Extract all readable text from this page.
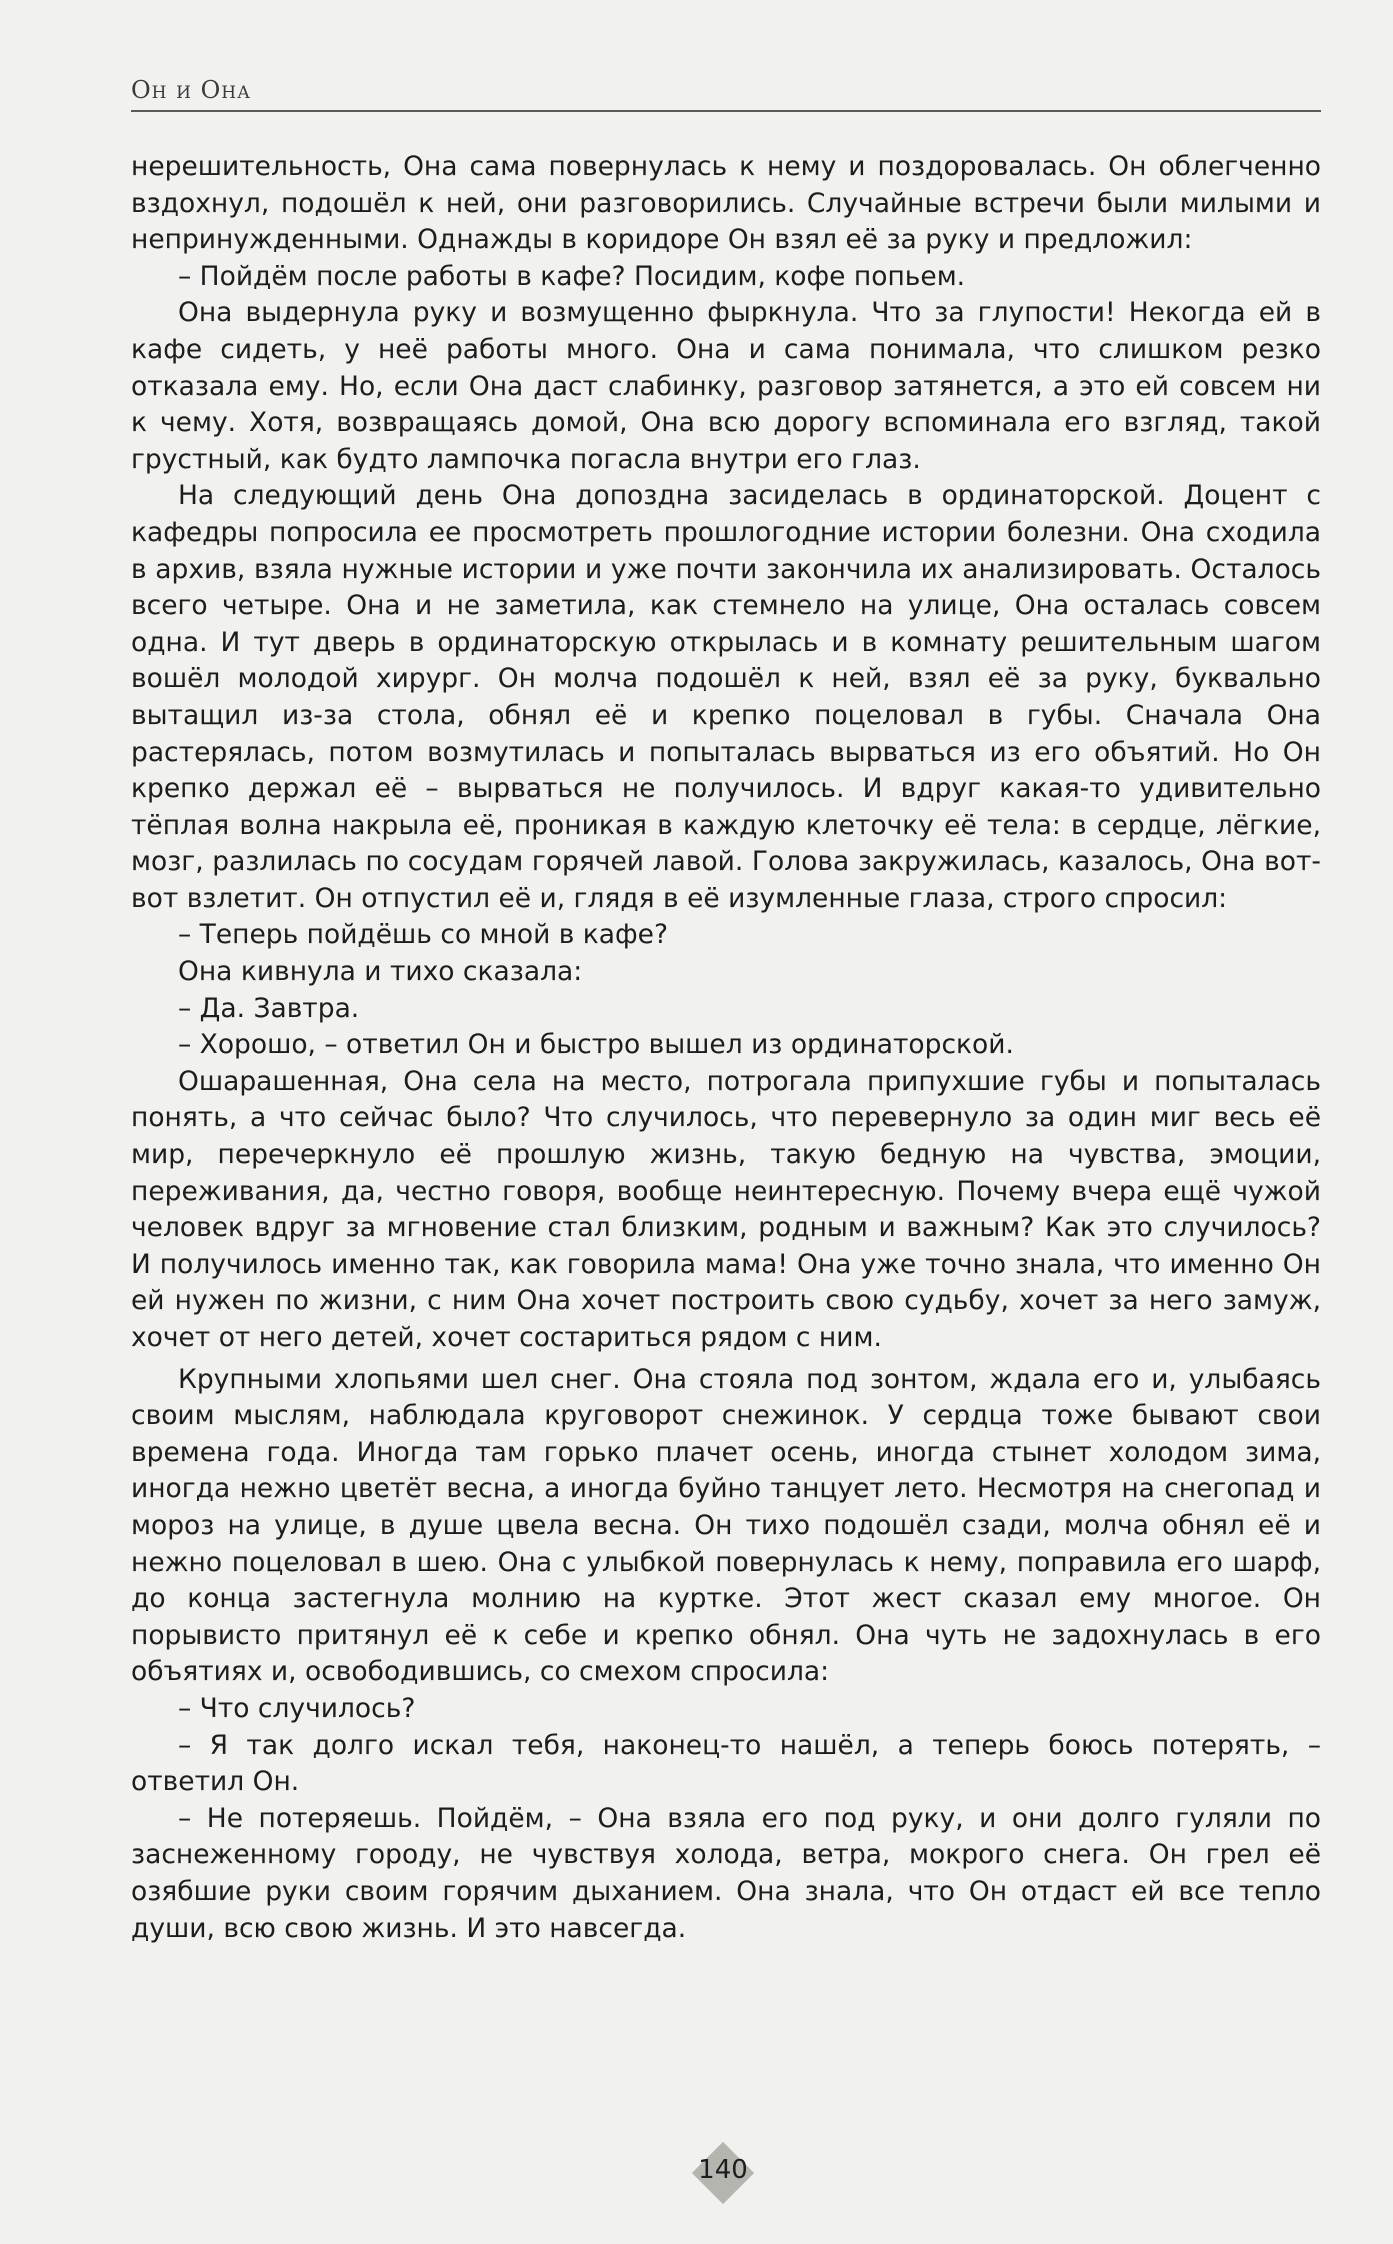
Он и Она

нерешительность, Она сама повернулась к нему и поздоровалась. Он облегченно вздохнул, подошёл к ней, они разговорились. Случайные встречи были милыми и непринужденными. Однажды в коридоре Он взял её за руку и предложил:

– Пойдём после работы в кафе? Посидим, кофе попьем.

Она выдернула руку и возмущенно фыркнула. Что за глупости! Некогда ей в кафе сидеть, у неё работы много. Она и сама понимала, что слишком резко отказала ему. Но, если Она даст слабинку, разговор затянется, а это ей совсем ни к чему. Хотя, возвращаясь домой, Она всю дорогу вспоминала его взгляд, такой грустный, как будто лампочка погасла внутри его глаз.

На следующий день Она допоздна засиделась в ординаторской. Доцент с кафедры попросила ее просмотреть прошлогодние истории болезни. Она сходила в архив, взяла нужные истории и уже почти закончила их анализировать. Осталось всего четыре. Она и не заметила, как стемнело на улице, Она осталась совсем одна. И тут дверь в ординаторскую открылась и в комнату решительным шагом вошёл молодой хирург. Он молча подошёл к ней, взял её за руку, буквально вытащил из-за стола, обнял её и крепко поцеловал в губы. Сначала Она растерялась, потом возмутилась и попыталась вырваться из его объятий. Но Он крепко держал её – вырваться не получилось. И вдруг какая-то удивительно тёплая волна накрыла её, проникая в каждую клеточку её тела: в сердце, лёгкие, мозг, разлилась по сосудам горячей лавой. Голова закружилась, казалось, Она вот-вот взлетит. Он отпустил её и, глядя в её изумленные глаза, строго спросил:

– Теперь пойдёшь со мной в кафе?

Она кивнула и тихо сказала:

– Да. Завтра.

– Хорошо, – ответил Он и быстро вышел из ординаторской.

Ошарашенная, Она села на место, потрогала припухшие губы и попыталась понять, а что сейчас было? Что случилось, что перевернуло за один миг весь её мир, перечеркнуло её прошлую жизнь, такую бедную на чувства, эмоции, переживания, да, честно говоря, вообще неинтересную. Почему вчера ещё чужой человек вдруг за мгновение стал близким, родным и важным? Как это случилось? И получилось именно так, как говорила мама! Она уже точно знала, что именно Он ей нужен по жизни, с ним Она хочет построить свою судьбу, хочет за него замуж, хочет от него детей, хочет состариться рядом с ним.

Крупными хлопьями шел снег. Она стояла под зонтом, ждала его и, улыбаясь своим мыслям, наблюдала круговорот снежинок. У сердца тоже бывают свои времена года. Иногда там горько плачет осень, иногда стынет холодом зима, иногда нежно цветёт весна, а иногда буйно танцует лето. Несмотря на снегопад и мороз на улице, в душе цвела весна. Он тихо подошёл сзади, молча обнял её и нежно поцеловал в шею. Она с улыбкой повернулась к нему, поправила его шарф, до конца застегнула молнию на куртке. Этот жест сказал ему многое. Он порывисто притянул её к себе и крепко обнял. Она чуть не задохнулась в его объятиях и, освободившись, со смехом спросила:

– Что случилось?

– Я так долго искал тебя, наконец-то нашёл, а теперь боюсь потерять, – ответил Он.

– Не потеряешь. Пойдём, – Она взяла его под руку, и они долго гуляли по заснеженному городу, не чувствуя холода, ветра, мокрого снега. Он грел её озябшие руки своим горячим дыханием. Она знала, что Он отдаст ей все тепло души, всю свою жизнь. И это навсегда.

140
